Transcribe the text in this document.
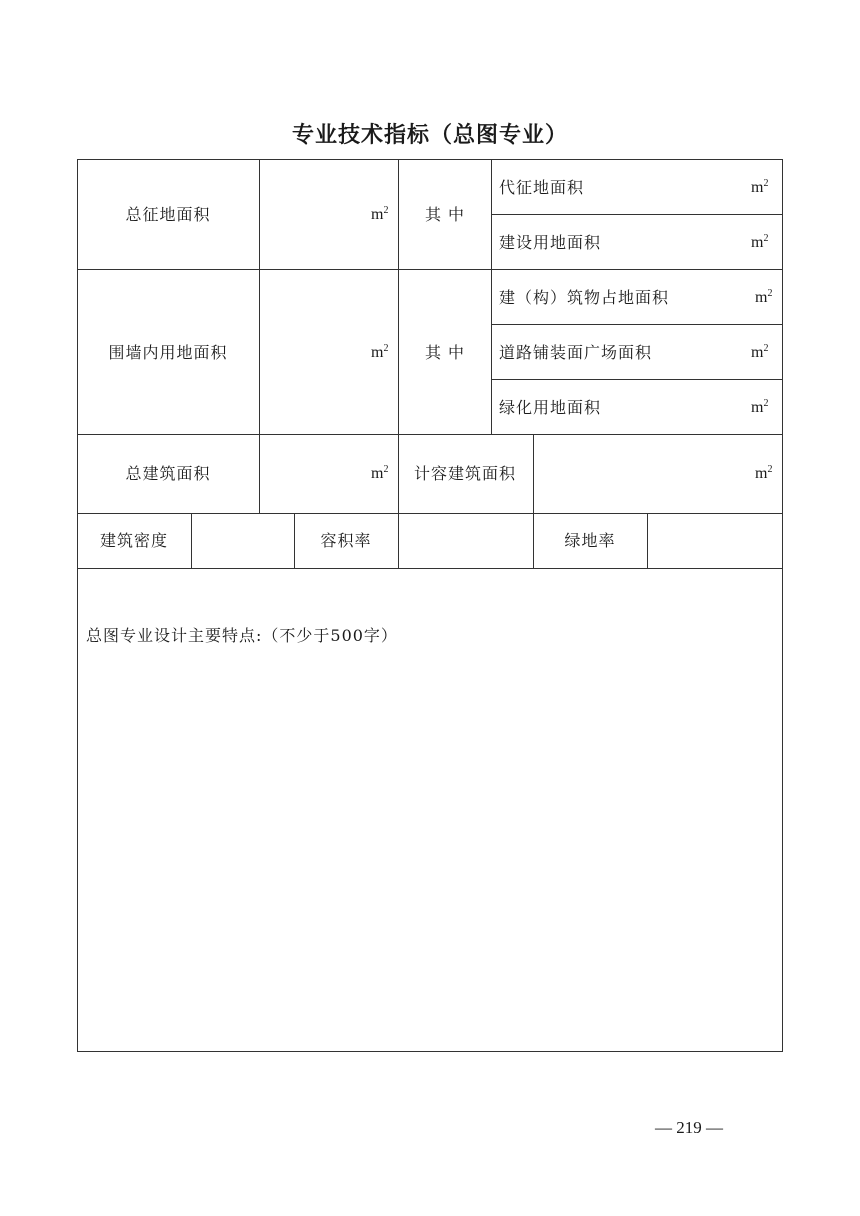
专业技术指标（总图专业）
总征地面积	$m^2$ 其 中
代征地面积	$m^2$
建设用地面积	$m^2$
围墙内用地面积	$m^2$ 其 中
建（构）筑物占地面积	$m^2$
道路铺装面广场面积	$m^2$
绿化用地面积	$m^2$
总建筑面积	$m^2$ 计容建筑面积	$m^2$
建筑密度	容积率	绿地率
总图专业设计主要特点:（不少于500字）
— 219 —
